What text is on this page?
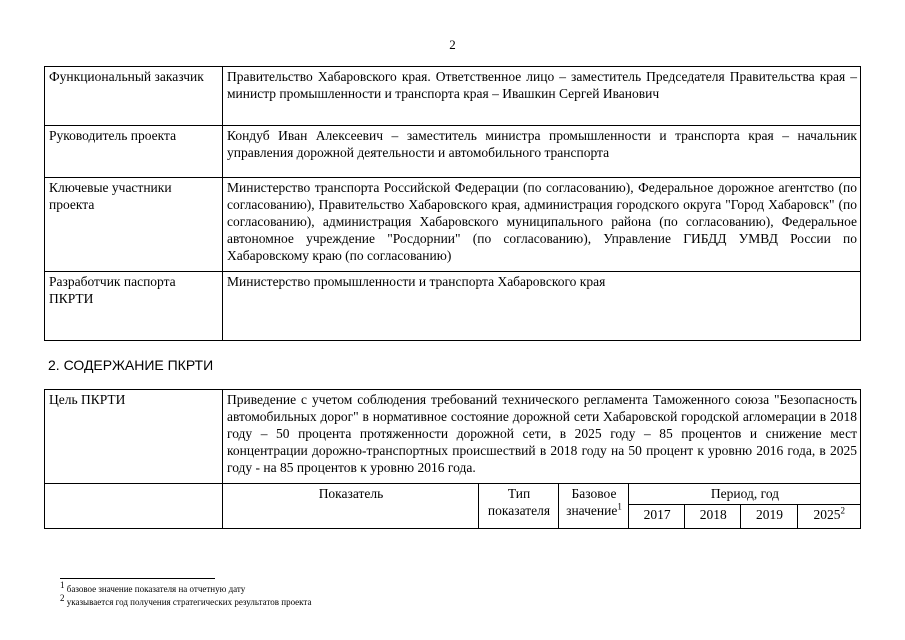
2
Функциональный заказчик	Правительство Хабаровского края. Ответственное лицо – заместитель Председателя Правительства края – министр промышленности и транспорта края – Ивашкин Сергей Иванович
Руководитель проекта	Кондуб Иван Алексеевич – заместитель министра промышленности и транспорта края – начальник управления дорожной деятельности и автомобильного транспорта
Ключевые участники проекта	Министерство транспорта Российской Федерации (по согласованию), Федеральное дорожное агентство (по согласованию), Правительство Хабаровского края, администрация городского округа "Город Хабаровск" (по согласованию), администрация Хабаровского муниципального района (по согласованию), Федеральное автономное учреждение "Росдорнии" (по согласованию), Управление ГИБДД УМВД России по Хабаровскому краю (по согласованию)
Разработчик паспорта ПКРТИ	Министерство промышленности и транспорта Хабаровского края
2. СОДЕРЖАНИЕ ПКРТИ
Цель ПКРТИ	Приведение с учетом соблюдения требований технического регламента Таможенного союза "Безопасность автомобильных дорог" в нормативное состояние дорожной сети Хабаровской городской агломерации в 2018 году – 50 процента протяженности дорожной сети, в 2025 году – 85 процентов и снижение мест концентрации дорожно-транспортных происшествий в 2018 году на 50 процент к уровню 2016 года, в 2025 году - на 85 процентов к уровню 2016 года.						
	Показатель	Тип показателя	Базовое значение$^1$	Период, год			
				2017	2018	2019	2025$^2$
1 базовое значение показателя на отчетную дату
2 указывается год получения стратегических результатов проекта
